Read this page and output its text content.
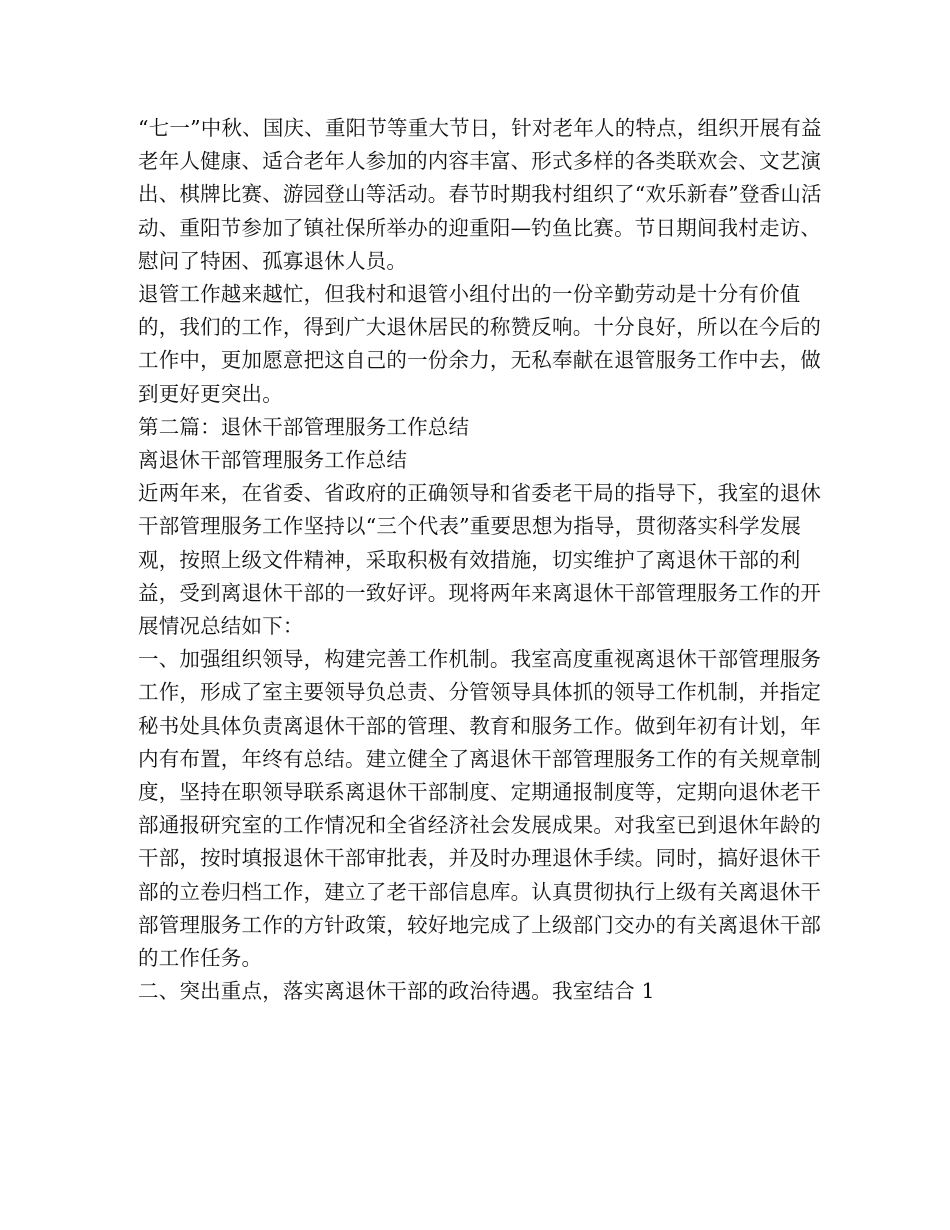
“七一”中秋、国庆、重阳节等重大节日，针对老年人的特点，组织开展有益老年人健康、适合老年人参加的内容丰富、形式多样的各类联欢会、文艺演出、棋牌比赛、游园登山等活动。春节时期我村组织了“欢乐新春”登香山活动、重阳节参加了镇社保所举办的迎重阳—钓鱼比赛。节日期间我村走访、慰问了特困、孤寡退休人员。

退管工作越来越忙，但我村和退管小组付出的一份辛勤劳动是十分有价值的，我们的工作，得到广大退休居民的称赞反响。十分良好，所以在今后的工作中，更加愿意把这自己的一份余力，无私奉献在退管服务工作中去，做到更好更突出。

第二篇：退休干部管理服务工作总结

离退休干部管理服务工作总结

近两年来，在省委、省政府的正确领导和省委老干局的指导下，我室的退休干部管理服务工作坚持以“三个代表”重要思想为指导，贯彻落实科学发展观，按照上级文件精神，采取积极有效措施，切实维护了离退休干部的利益，受到离退休干部的一致好评。现将两年来离退休干部管理服务工作的开展情况总结如下：

一、加强组织领导，构建完善工作机制。我室高度重视离退休干部管理服务工作，形成了室主要领导负总责、分管领导具体抓的领导工作机制，并指定秘书处具体负责离退休干部的管理、教育和服务工作。做到年初有计划，年内有布置，年终有总结。建立健全了离退休干部管理服务工作的有关规章制度，坚持在职领导联系离退休干部制度、定期通报制度等，定期向退休老干部通报研究室的工作情况和全省经济社会发展成果。对我室已到退休年龄的干部，按时填报退休干部审批表，并及时办理退休手续。同时，搞好退休干部的立卷归档工作，建立了老干部信息库。认真贯彻执行上级有关离退休干部管理服务工作的方针政策，较好地完成了上级部门交办的有关离退休干部的工作任务。

二、突出重点，落实离退休干部的政治待遇。我室结合 1
